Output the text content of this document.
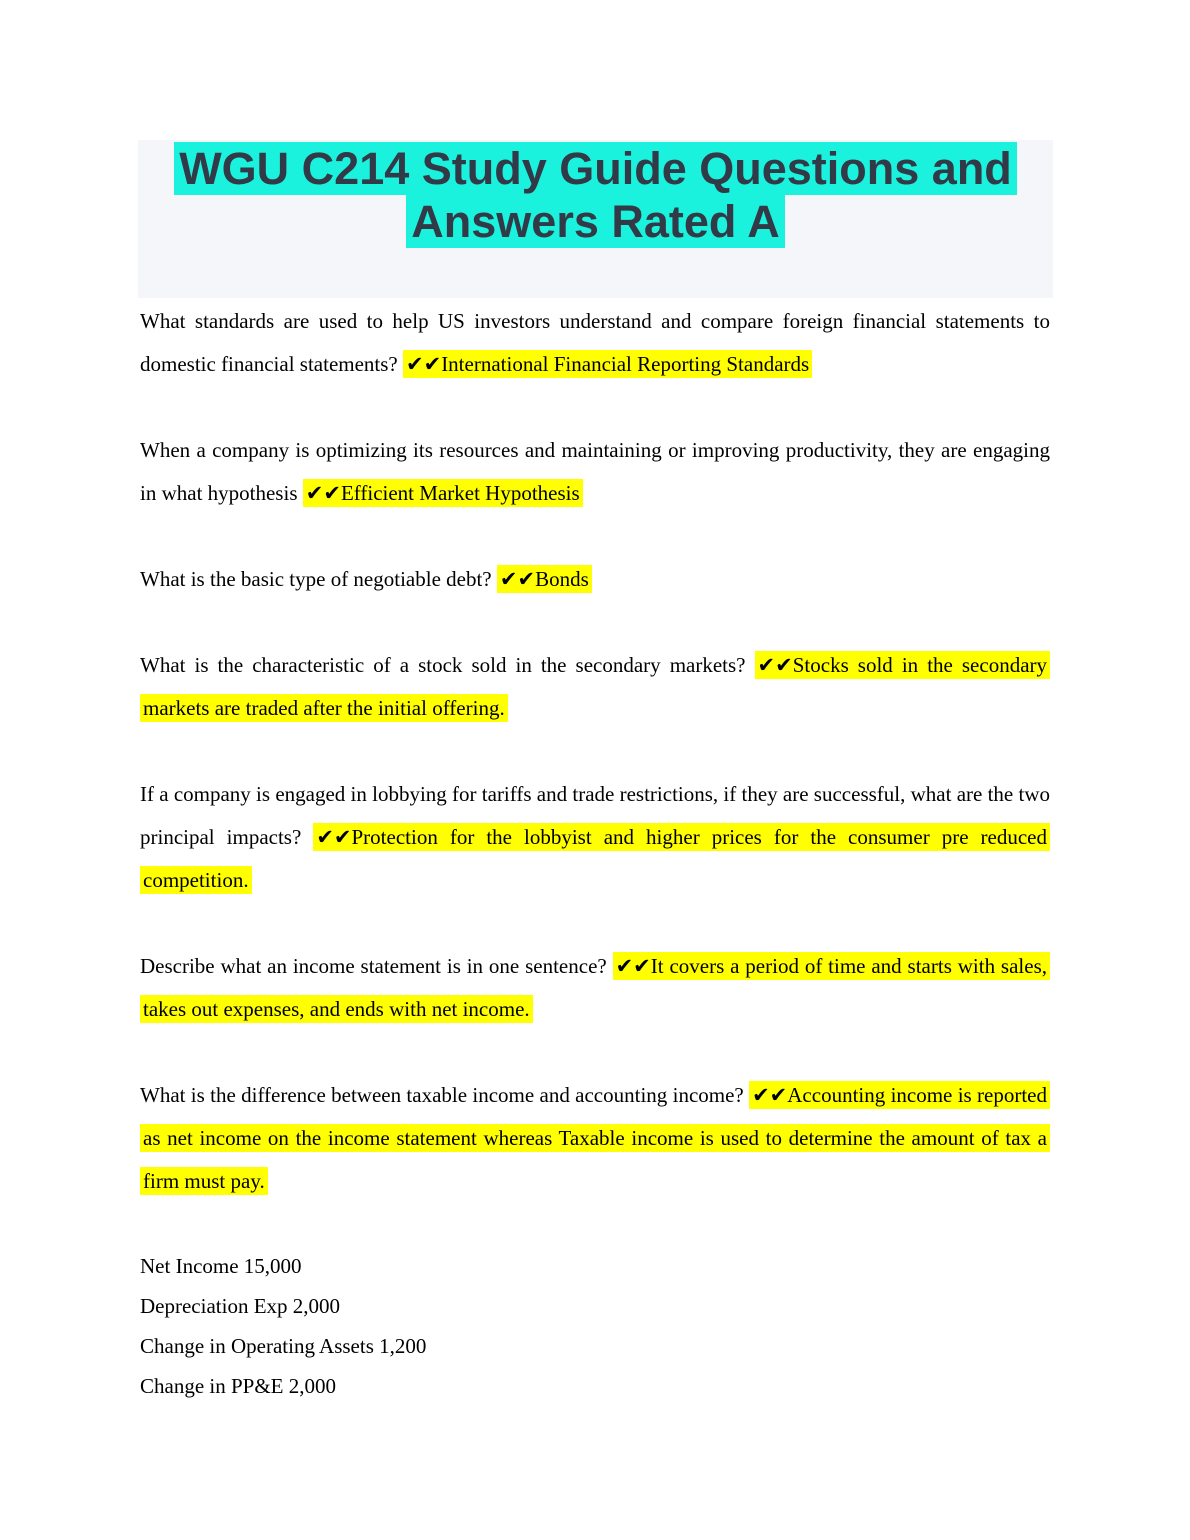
WGU C214 Study Guide Questions and Answers Rated A

What standards are used to help US investors understand and compare foreign financial statements to domestic financial statements? ✔✔International Financial Reporting Standards

When a company is optimizing its resources and maintaining or improving productivity, they are engaging in what hypothesis ✔✔Efficient Market Hypothesis

What is the basic type of negotiable debt? ✔✔Bonds

What is the characteristic of a stock sold in the secondary markets? ✔✔Stocks sold in the secondary markets are traded after the initial offering.

If a company is engaged in lobbying for tariffs and trade restrictions, if they are successful, what are the two principal impacts? ✔✔Protection for the lobbyist and higher prices for the consumer pre reduced competition.

Describe what an income statement is in one sentence? ✔✔It covers a period of time and starts with sales, takes out expenses, and ends with net income.

What is the difference between taxable income and accounting income? ✔✔Accounting income is reported as net income on the income statement whereas Taxable income is used to determine the amount of tax a firm must pay.

Net Income 15,000

Depreciation Exp 2,000

Change in Operating Assets 1,200

Change in PP&E 2,000
